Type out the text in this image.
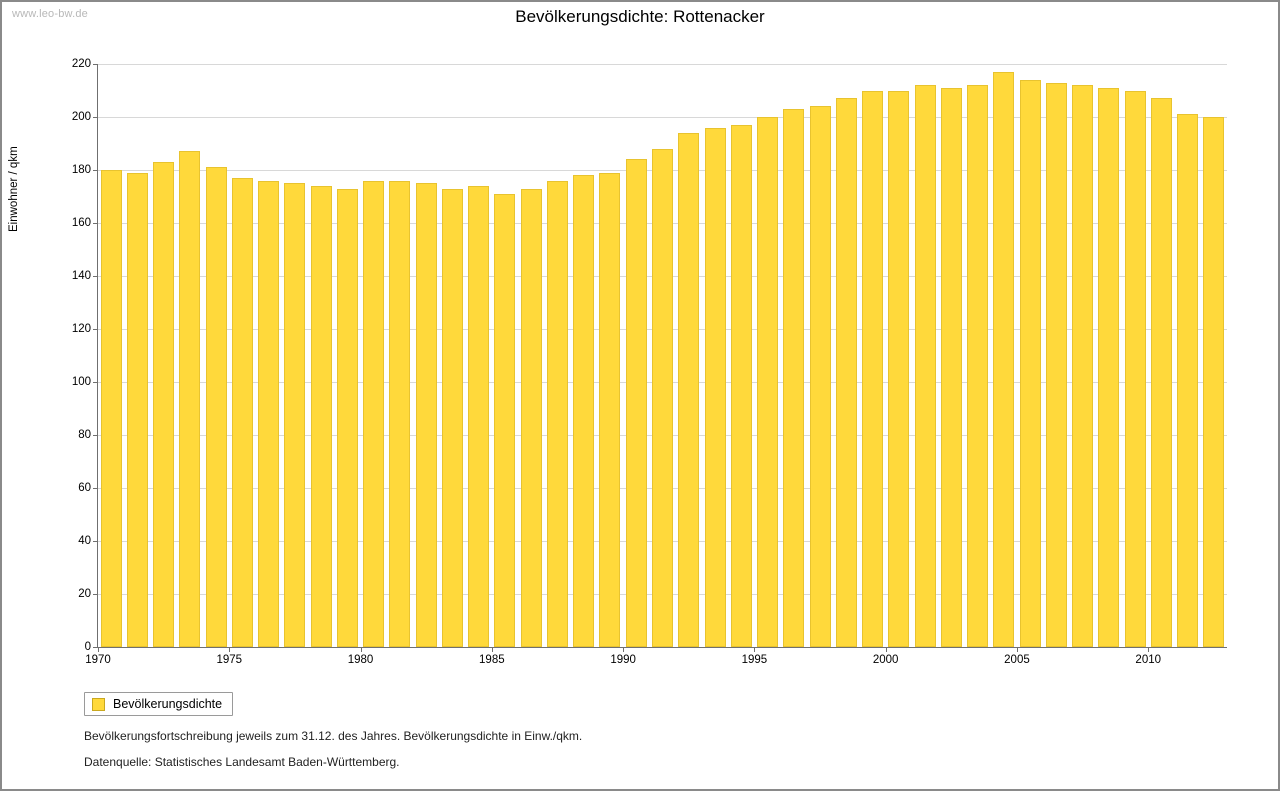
www.leo-bw.de	Bevölkerungsdichte: Rottenacker
Einwohner / qkm
0
20
40
60
80
100
120
140
160
180
200
220
1970	1975	1980	1985	1990	1995	2000	2005	2010
Bevölkerungsdichte
Bevölkerungsfortschreibung jeweils zum 31.12. des Jahres. Bevölkerungsdichte in Einw./qkm.
Datenquelle: Statistisches Landesamt Baden-Württemberg.
